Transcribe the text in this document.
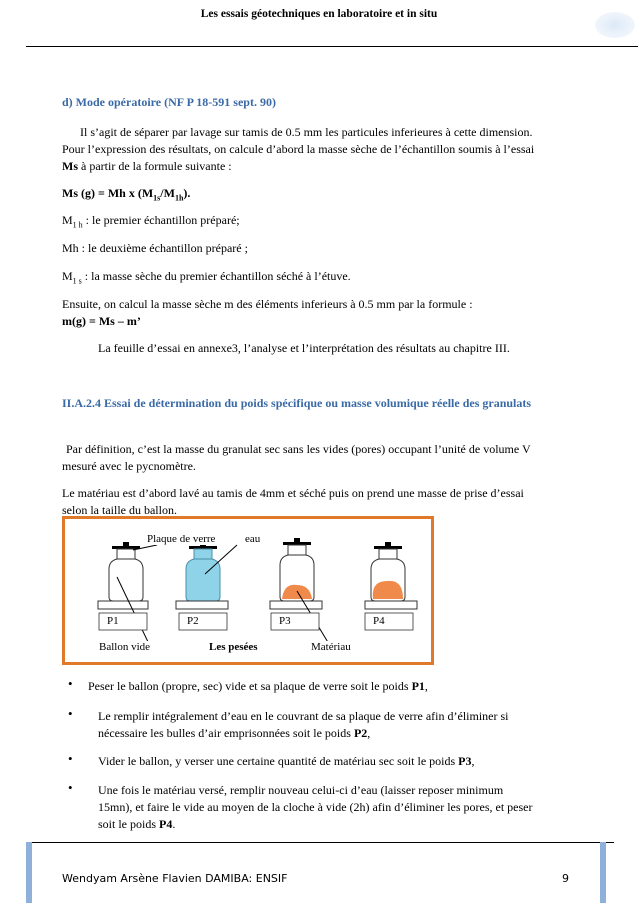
Les essais géotechniques en laboratoire et in situ
d) Mode opératoire (NF P 18-591 sept. 90)
Il s’agit de séparer par lavage sur tamis de 0.5 mm les particules inferieures à cette dimension.
Pour l’expression des résultats, on calcule d’abord la masse sèche de l’échantillon soumis à l’essai
Ms à partir de la formule suivante :
Ms (g) = Mh x $(M_{1s}/M_{1h})$.
$M_{1 h}$ : le premier échantillon préparé;
Mh : le deuxième échantillon préparé ;
$M_{1 s}$ : la masse sèche du premier échantillon séché à l’étuve.
Ensuite, on calcul la masse sèche m des éléments inferieurs à 0.5 mm par la formule :
m(g) = Ms – m’
La feuille d’essai en annexe3, l’analyse et l’interprétation des résultats au chapitre III.
II.A.2.4 Essai de détermination du poids spécifique ou masse volumique réelle des granulats
Par définition, c’est la masse du granulat sec sans les vides (pores) occupant l’unité de volume V
mesuré avec le pycnomètre.
Le matériau est d’abord lavé au tamis de 4mm et séché puis on prend une masse de prise d’essai
selon la taille du ballon.
Plaque de verre	eau
P1	P2	P3	P4
Ballon vide	Les pesées	Matériau
• Peser le ballon (propre, sec) vide et sa plaque de verre soit le poids P1,
• Le remplir intégralement d’eau en le couvrant de sa plaque de verre afin d’éliminer si
nécessaire les bulles d’air emprisonnées soit le poids P2,
• Vider le ballon, y verser une certaine quantité de matériau sec soit le poids P3,
• Une fois le matériau versé, remplir nouveau celui-ci d’eau (laisser reposer minimum
15mn), et faire le vide au moyen de la cloche à vide (2h) afin d’éliminer les pores, et peser
soit le poids P4.
Wendyam Arsène Flavien DAMIBA: ENSIF	9
